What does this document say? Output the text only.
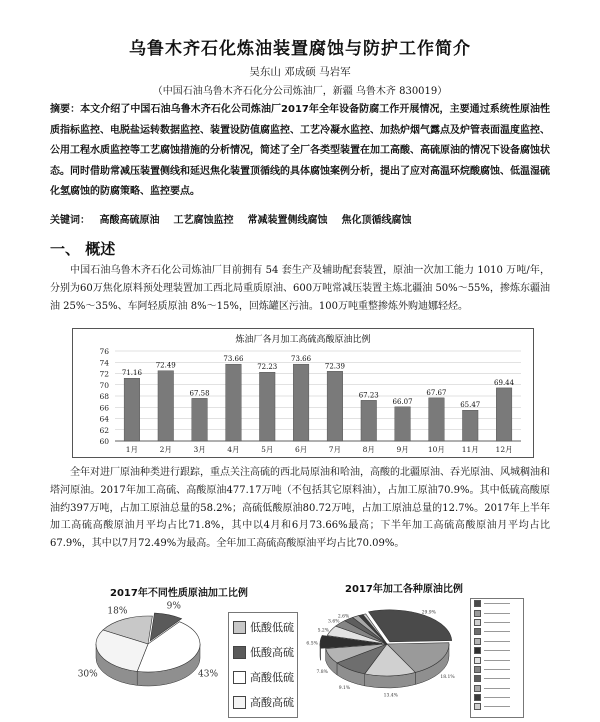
乌鲁木齐石化炼油装置腐蚀与防护工作简介
吴东山 邓成硕 马岩军
（中国石油乌鲁木齐石化分公司炼油厂，新疆 乌鲁木齐 830019）
摘要：本文介绍了中国石油乌鲁木齐石化公司炼油厂2017年全年设备防腐工作开展情况，主要通过系统性原油性质指标监控、电脱盐运转数据监控、装置设防值腐监控、工艺冷凝水监控、加热炉烟气露点及炉管表面温度监控、公用工程水质监控等工艺腐蚀措施的分析情况，简述了全厂各类型装置在加工高酸、高硫原油的情况下设备腐蚀状态。同时借助常减压装置侧线和延迟焦化装置顶循线的具体腐蚀案例分析，提出了应对高温环烷酸腐蚀、低温湿硫化氢腐蚀的防腐策略、监控要点。
关键词： 高酸高硫原油 工艺腐蚀监控 常减装置侧线腐蚀 焦化顶循线腐蚀
一、 概述
中国石油乌鲁木齐石化公司炼油厂目前拥有 54 套生产及辅助配套装置，原油一次加工能力 1010 万吨/年，分别为60万焦化原料预处理装置加工西北局重质原油、600万吨常减压装置主炼北疆油 50%～55%，掺炼东疆油油 25%～35%、车阿轻质原油 8%～15%，回炼罐区污油。100万吨重整掺炼外购迪娜轻烃。
炼油厂各月加工高硫高酸原油比例
60
62
64
66
68
70
72
74
76
71.16
1月
72.49
2月
67.58
3月
73.66
4月
72.23
5月
73.66
6月
72.39
7月
67.23
8月
66.07
9月
67.67
10月
65.47
11月
69.44
12月
全年对进厂原油种类进行跟踪，重点关注高硫的西北局原油和哈油，高酸的北疆原油、吞光原油、风城稠油和塔河原油。2017年加工高硫、高酸原油477.17万吨（不包括其它原料油），占加工原油70.9%。其中低硫高酸原油约397万吨，占加工原油总量的58.2%；高硫低酸原油80.72万吨，占加工原油总量的12.7%。2017年上半年加工高硫高酸原油月平均占比71.8%，其中以4月和6月73.66%最高；下半年加工高硫高酸原油月平均占比67.9%，其中以7月72.49%为最高。全年加工高硫高酸原油平均占比70.09%。
2017年不同性质原油加工比例
18%	9%
43%
30%
低酸低硫
低酸高硫
高酸低硫
高酸高硫
2017年加工各种原油比例
29.9%
18.1%
13.4%
9.1%
7.8%
6.5%
5.2%
3.6%
2.6%
